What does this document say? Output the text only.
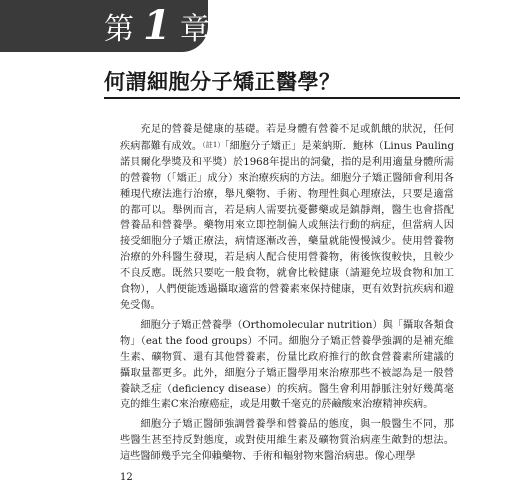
第 1 章
何謂細胞分子矯正醫學？

充足的營養是健康的基礎。若是身體有營養不足或飢餓的狀況，任何疾病都難有成效。（註1）「細胞分子矯正」是萊納斯．鮑林（Linus Pauling諾貝爾化學獎及和平獎）於1968年提出的詞彙，指的是利用適量身體所需的營養物（「矯正」成分）來治療疾病的方法。細胞分子矯正醫師會利用各種現代療法進行治療，舉凡藥物、手術、物理性與心理療法，只要是適當的都可以。舉例而言，若是病人需要抗憂鬱藥或是鎮靜劑，醫生也會搭配營養品和營養學。藥物用來立即控制偏人或無法行動的病症，但當病人因接受細胞分子矯正療法，病情逐漸改善，藥量就能慢慢減少。使用營養物治療的外科醫生發現，若是病人配合使用營養物，術後恢復較快，且較少不良反應。既然只要吃一般食物，就會比較健康（請避免垃圾食物和加工食物），人們便能透過攝取適當的營養素來保持健康，更有效對抗疾病和避免受傷。

細胞分子矯正營養學（Orthomolecular nutrition）與「攝取各類食物」（eat the food groups）不同。細胞分子矯正營養學強調的是補充維生素、礦物質、還有其他營養素，份量比政府推行的飲食營養素所建議的攝取量都更多。此外，細胞分子矯正醫學用來治療那些不被認為是一般營養缺乏症（deficiency disease）的疾病。醫生會利用靜脈注射好幾萬毫克的維生素C來治療癌症，或是用數千毫克的菸鹼酸來治療精神疾病。

細胞分子矯正醫師強調營養學和營養品的態度，與一般醫生不同，那些醫生甚至持反對態度，或對使用維生素及礦物質治病產生敵對的想法。這些醫師幾乎完全仰賴藥物、手術和輻射物來醫治病患。像心理學

12
